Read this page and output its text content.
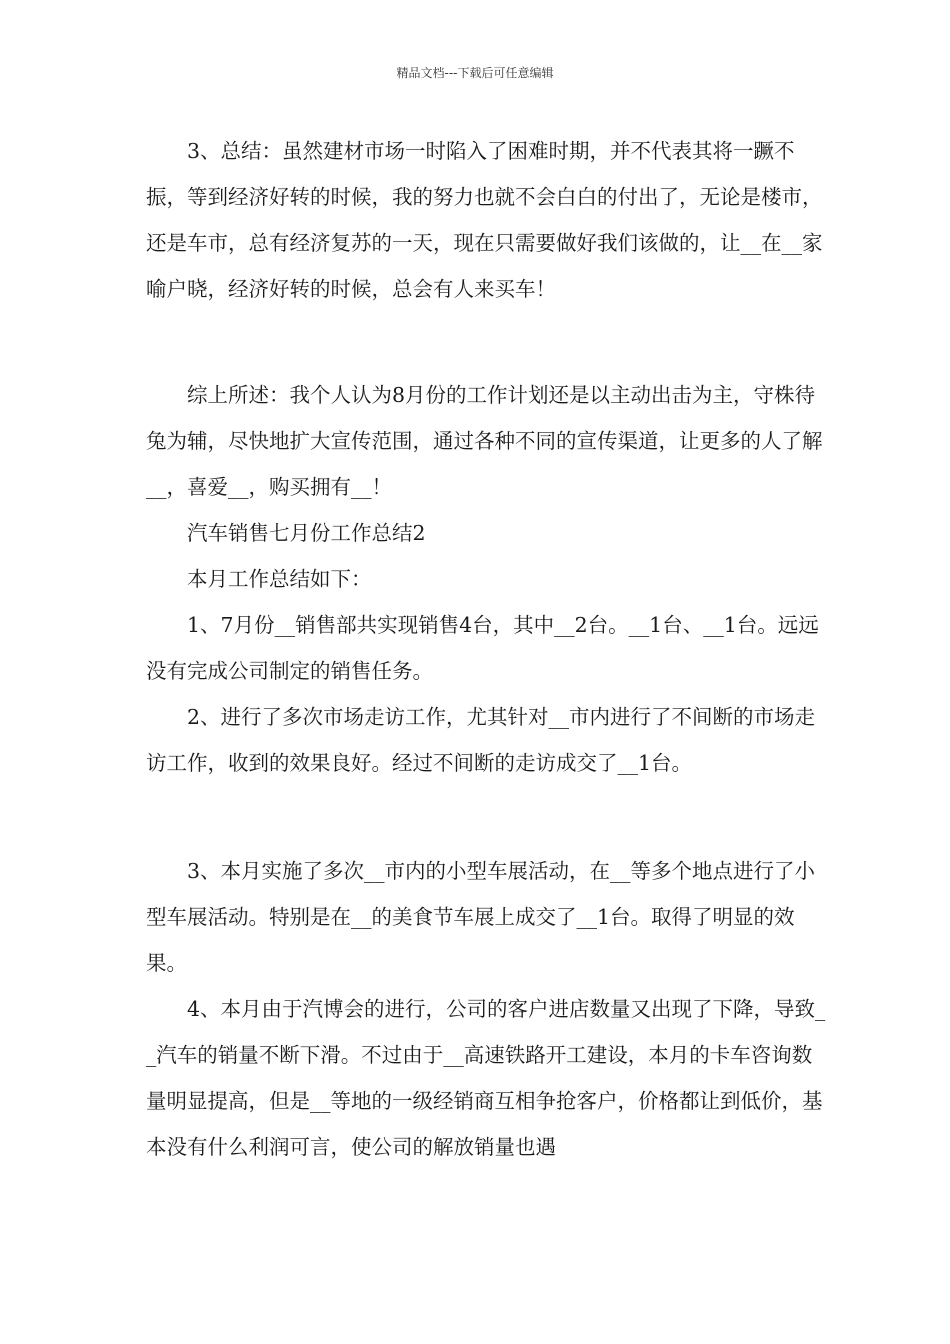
精品文档---下载后可任意编辑

3、总结：虽然建材市场一时陷入了困难时期，并不代表其将一蹶不振，等到经济好转的时候，我的努力也就不会白白的付出了，无论是楼市，还是车市，总有经济复苏的一天，现在只需要做好我们该做的，让__在__家喻户晓，经济好转的时候，总会有人来买车！

综上所述：我个人认为8月份的工作计划还是以主动出击为主，守株待兔为辅，尽快地扩大宣传范围，通过各种不同的宣传渠道，让更多的人了解__，喜爱__，购买拥有__！

汽车销售七月份工作总结2

本月工作总结如下：

1、7月份__销售部共实现销售4台，其中__2台。__1台、__1台。远远没有完成公司制定的销售任务。

2、进行了多次市场走访工作，尤其针对__市内进行了不间断的市场走访工作，收到的效果良好。经过不间断的走访成交了__1台。

3、本月实施了多次__市内的小型车展活动，在__等多个地点进行了小型车展活动。特别是在__的美食节车展上成交了__1台。取得了明显的效果。

4、本月由于汽博会的进行，公司的客户进店数量又出现了下降，导致__汽车的销量不断下滑。不过由于__高速铁路开工建设，本月的卡车咨询数量明显提高，但是__等地的一级经销商互相争抢客户，价格都让到低价，基本没有什么利润可言，使公司的解放销量也遇
